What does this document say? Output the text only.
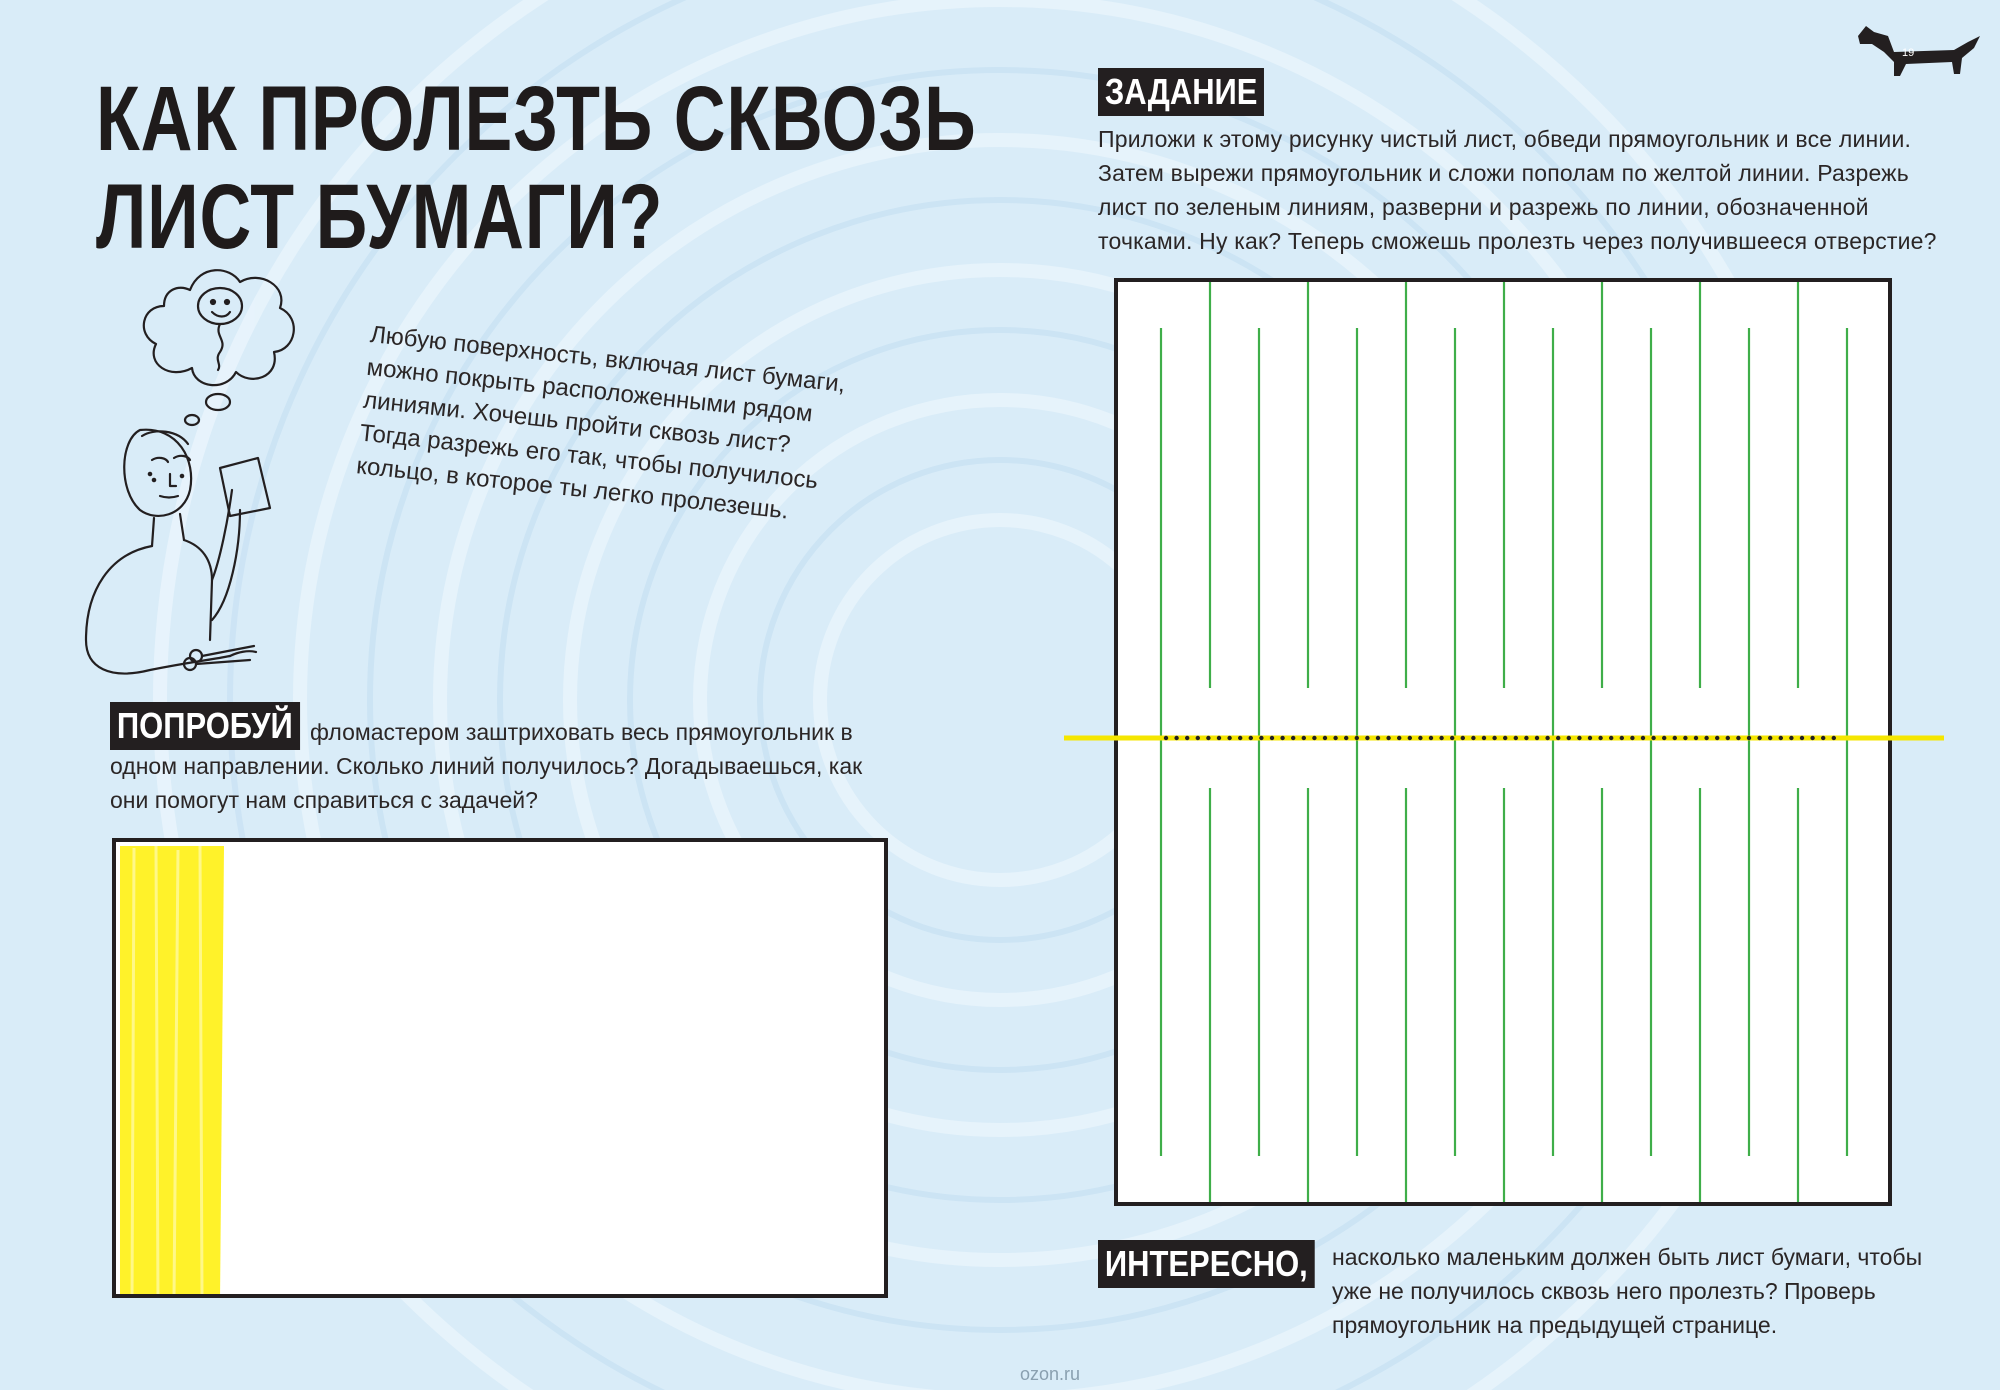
19
КАК ПРОЛЕЗТЬ СКВОЗЬ
ЛИСТ БУМАГИ?
Любую поверхность, включая лист бумаги, можно покрыть расположенными рядом линиями. Хочешь пройти сквозь лист? Тогда разрежь его так, чтобы получилось кольцо, в которое ты легко пролезешь.
ПОПРОБУЙ фломастером заштриховать весь прямоугольник в одном направлении. Сколько линий получилось? Догадываешься, как они помогут нам справиться с задачей?

ЗАДАНИЕ

Приложи к этому рисунку чистый лист, обведи прямоугольник и все линии. Затем вырежи прямоугольник и сложи пополам по желтой линии. Разрежь лист по зеленым линиям, разверни и разрежь по линии, обозначенной точками. Ну как? Теперь сможешь пролезть через получившееся отверстие?

ИНТЕРЕСНО, насколько маленьким должен быть лист бумаги, чтобы уже не получилось сквозь него пролезть? Проверь прямоугольник на предыдущей странице.

ozon.ru
